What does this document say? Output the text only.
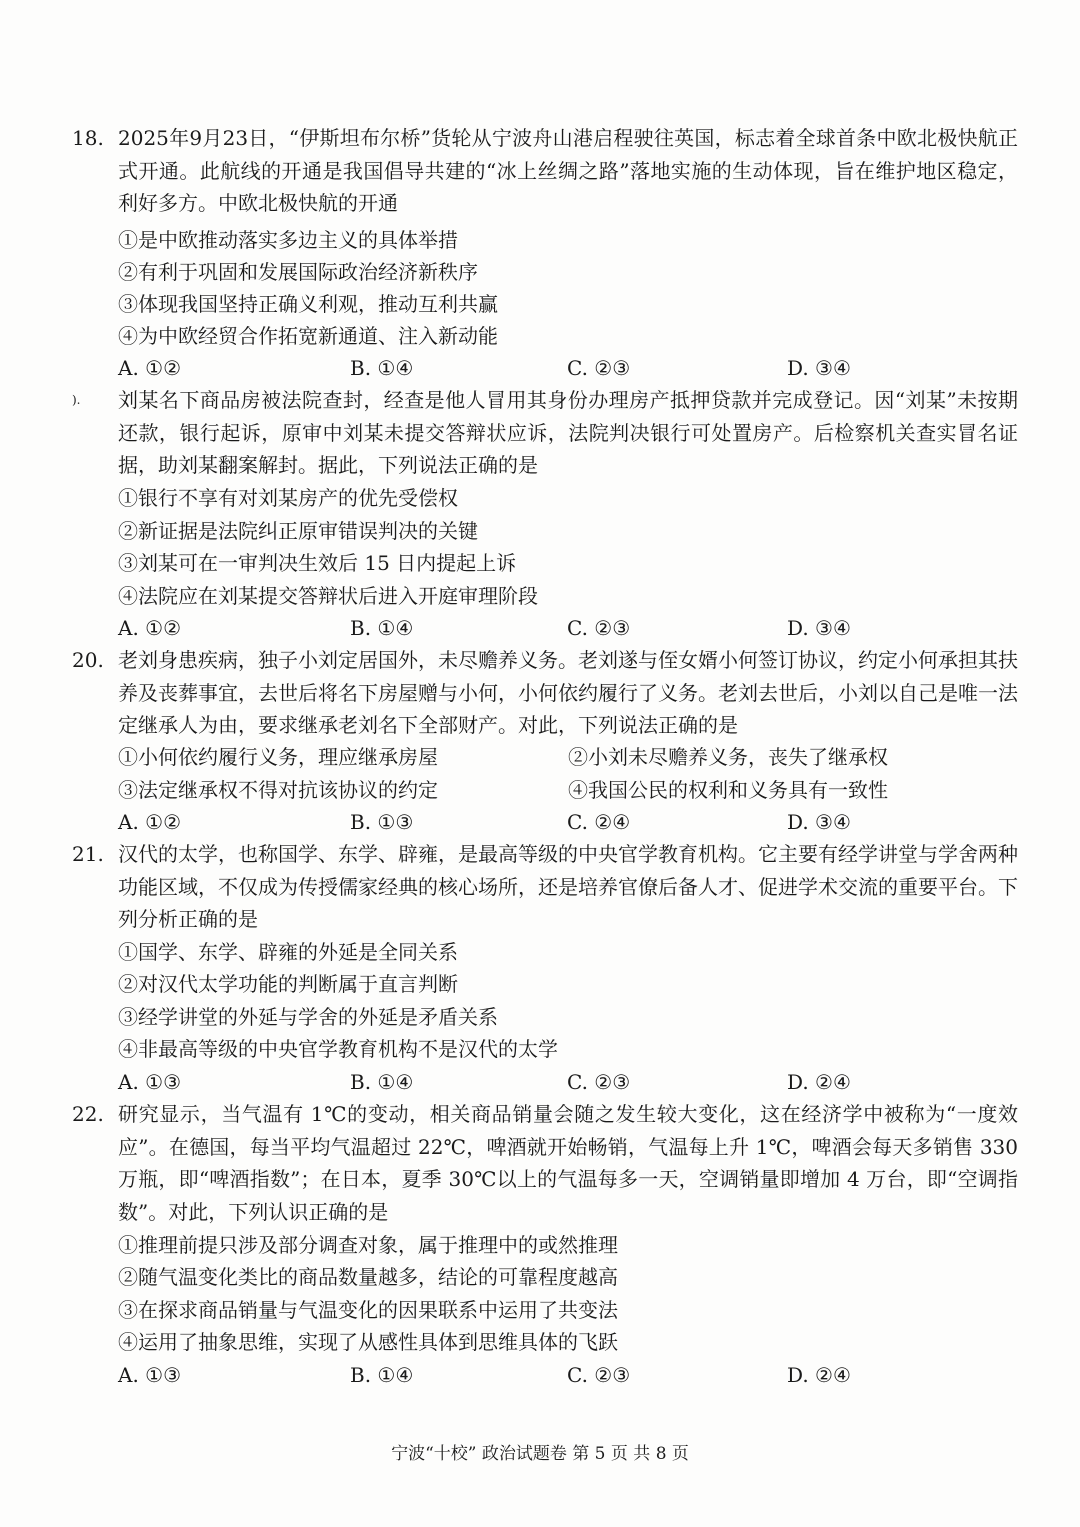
18. 2025年9月23日，“伊斯坦布尔桥”货轮从宁波舟山港启程驶往英国，标志着全球首条中欧北极快航正式开通。此航线的开通是我国倡导共建的“冰上丝绸之路”落地实施的生动体现，旨在维护地区稳定，利好多方。中欧北极快航的开通
①是中欧推动落实多边主义的具体举措
②有利于巩固和发展国际政治经济新秩序
③体现我国坚持正确义利观，推动互利共赢
④为中欧经贸合作拓宽新通道、注入新动能
A. ①②	B. ①④	C. ②③	D. ③④
). 刘某名下商品房被法院查封，经查是他人冒用其身份办理房产抵押贷款并完成登记。因“刘某”未按期还款，银行起诉，原审中刘某未提交答辩状应诉，法院判决银行可处置房产。后检察机关查实冒名证据，助刘某翻案解封。据此，下列说法正确的是
①银行不享有对刘某房产的优先受偿权
②新证据是法院纠正原审错误判决的关键
③刘某可在一审判决生效后 15 日内提起上诉
④法院应在刘某提交答辩状后进入开庭审理阶段
A. ①②	B. ①④	C. ②③	D. ③④
20. 老刘身患疾病，独子小刘定居国外，未尽赡养义务。老刘遂与侄女婿小何签订协议，约定小何承担其扶养及丧葬事宜，去世后将名下房屋赠与小何，小何依约履行了义务。老刘去世后，小刘以自己是唯一法定继承人为由，要求继承老刘名下全部财产。对此，下列说法正确的是
①小何依约履行义务，理应继承房屋	②小刘未尽赡养义务，丧失了继承权
③法定继承权不得对抗该协议的约定	④我国公民的权利和义务具有一致性
A. ①②	B. ①③	C. ②④	D. ③④
21. 汉代的太学，也称国学、东学、辟雍，是最高等级的中央官学教育机构。它主要有经学讲堂与学舍两种功能区域，不仅成为传授儒家经典的核心场所，还是培养官僚后备人才、促进学术交流的重要平台。下列分析正确的是
①国学、东学、辟雍的外延是全同关系
②对汉代太学功能的判断属于直言判断
③经学讲堂的外延与学舍的外延是矛盾关系
④非最高等级的中央官学教育机构不是汉代的太学
A. ①③	B. ①④	C. ②③	D. ②④
22. 研究显示，当气温有 1℃的变动，相关商品销量会随之发生较大变化，这在经济学中被称为“一度效应”。在德国，每当平均气温超过 22℃，啤酒就开始畅销，气温每上升 1℃，啤酒会每天多销售 330 万瓶，即“啤酒指数”；在日本，夏季 30℃以上的气温每多一天，空调销量即增加 4 万台，即“空调指数”。对此，下列认识正确的是
①推理前提只涉及部分调查对象，属于推理中的或然推理
②随气温变化类比的商品数量越多，结论的可靠程度越高
③在探求商品销量与气温变化的因果联系中运用了共变法
④运用了抽象思维，实现了从感性具体到思维具体的飞跃
A. ①③	B. ①④	C. ②③	D. ②④
宁波“十校” 政治试题卷 第 5 页 共 8 页
